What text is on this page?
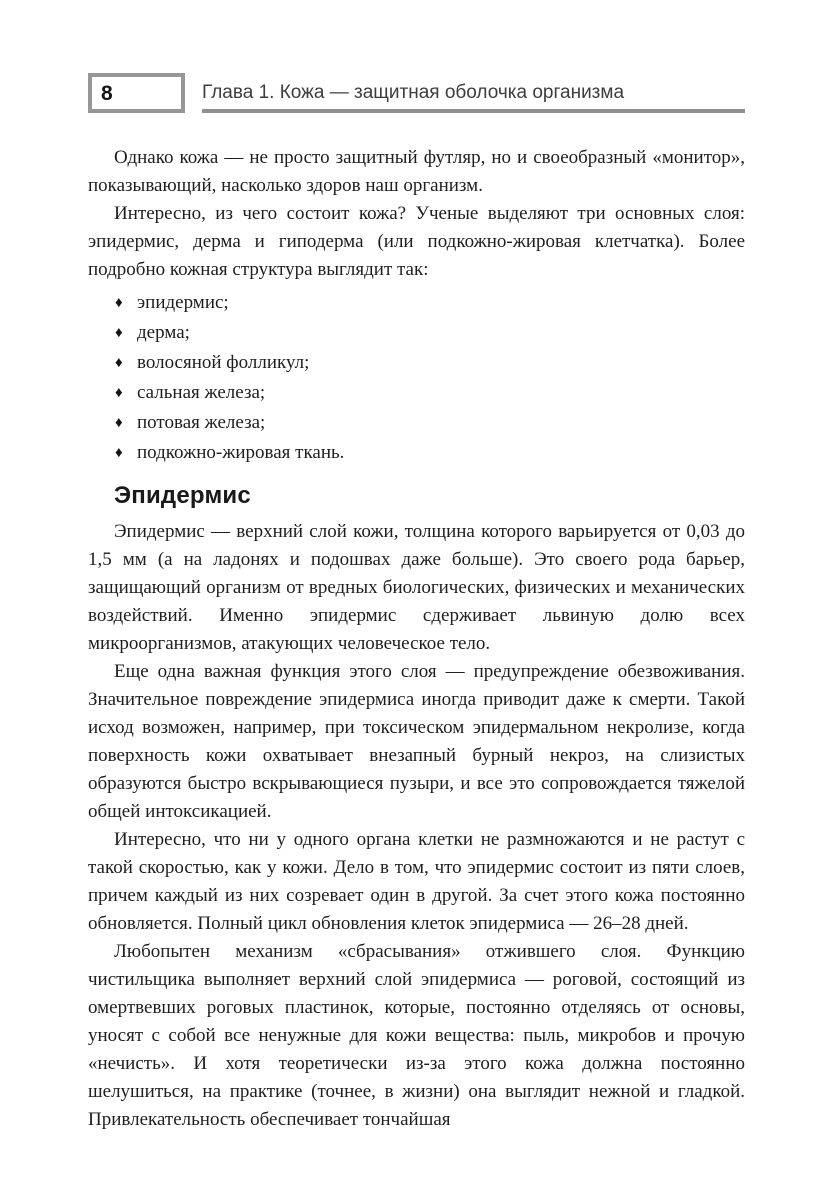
8	Глава 1. Кожа — защитная оболочка организма

Однако кожа — не просто защитный футляр, но и своеобразный «монитор», показывающий, насколько здоров наш организм.

Интересно, из чего состоит кожа? Ученые выделяют три основных слоя: эпидермис, дерма и гиподерма (или подкожно-жировая клетчатка). Более подробно кожная структура выглядит так:

♦ эпидермис;
♦ дерма;
♦ волосяной фолликул;
♦ сальная железа;
♦ потовая железа;
♦ подкожно-жировая ткань.
Эпидермис

Эпидермис — верхний слой кожи, толщина которого варьируется от 0,03 до 1,5 мм (а на ладонях и подошвах даже больше). Это своего рода барьер, защищающий организм от вредных биологических, физических и механических воздействий. Именно эпидермис сдерживает львиную долю всех микроорганизмов, атакующих человеческое тело.

Еще одна важная функция этого слоя — предупреждение обезвоживания. Значительное повреждение эпидермиса иногда приводит даже к смерти. Такой исход возможен, например, при токсическом эпидермальном некролизе, когда поверхность кожи охватывает внезапный бурный некроз, на слизистых образуются быстро вскрывающиеся пузыри, и все это сопровождается тяжелой общей интоксикацией.

Интересно, что ни у одного органа клетки не размножаются и не растут с такой скоростью, как у кожи. Дело в том, что эпидермис состоит из пяти слоев, причем каждый из них созревает один в другой. За счет этого кожа постоянно обновляется. Полный цикл обновления клеток эпидермиса — 26–28 дней.

Любопытен механизм «сбрасывания» отжившего слоя. Функцию чистильщика выполняет верхний слой эпидермиса — роговой, состоящий из омертвевших роговых пластинок, которые, постоянно отделяясь от основы, уносят с собой все ненужные для кожи вещества: пыль, микробов и прочую «нечисть». И хотя теоретически из-за этого кожа должна постоянно шелушиться, на практике (точнее, в жизни) она выглядит нежной и гладкой. Привлекательность обеспечивает тончайшая
